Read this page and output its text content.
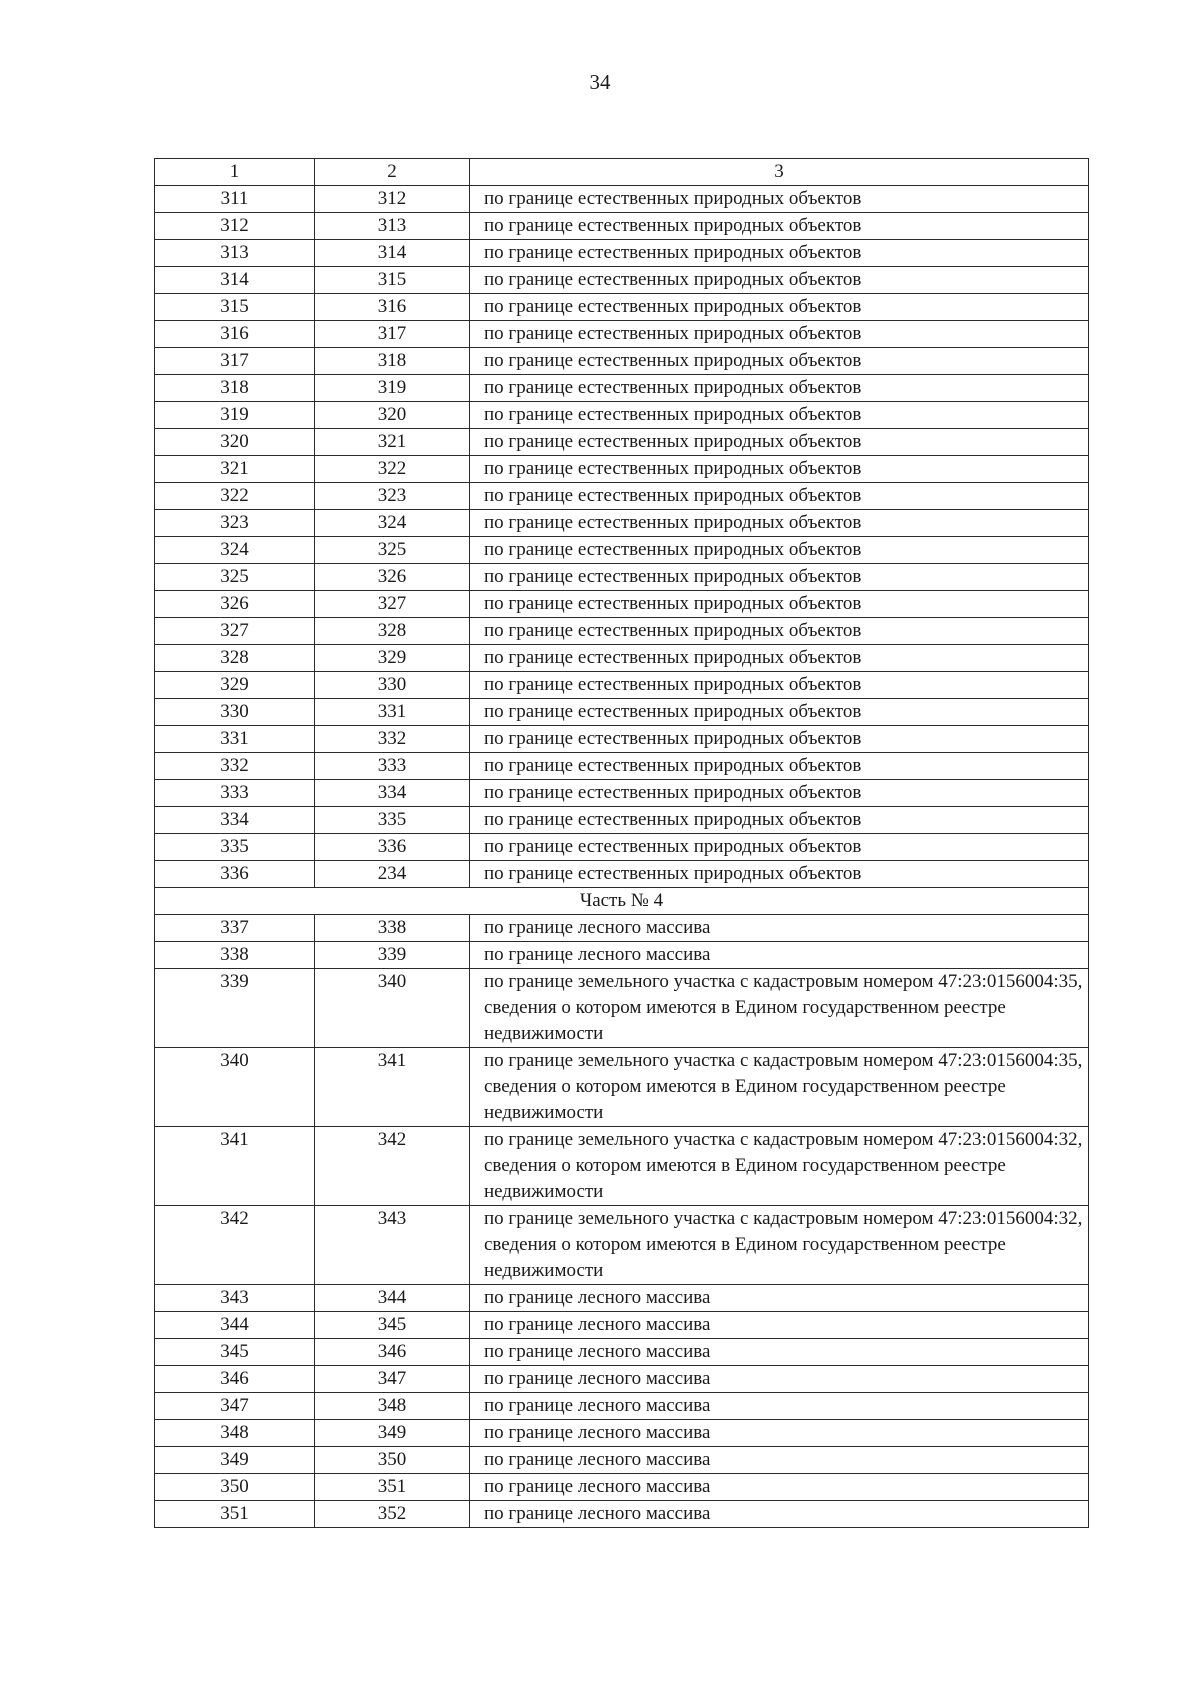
34
1	2	3
311	312	по границе естественных природных объектов
312	313	по границе естественных природных объектов
313	314	по границе естественных природных объектов
314	315	по границе естественных природных объектов
315	316	по границе естественных природных объектов
316	317	по границе естественных природных объектов
317	318	по границе естественных природных объектов
318	319	по границе естественных природных объектов
319	320	по границе естественных природных объектов
320	321	по границе естественных природных объектов
321	322	по границе естественных природных объектов
322	323	по границе естественных природных объектов
323	324	по границе естественных природных объектов
324	325	по границе естественных природных объектов
325	326	по границе естественных природных объектов
326	327	по границе естественных природных объектов
327	328	по границе естественных природных объектов
328	329	по границе естественных природных объектов
329	330	по границе естественных природных объектов
330	331	по границе естественных природных объектов
331	332	по границе естественных природных объектов
332	333	по границе естественных природных объектов
333	334	по границе естественных природных объектов
334	335	по границе естественных природных объектов
335	336	по границе естественных природных объектов
336	234	по границе естественных природных объектов
Часть № 4		
337	338	по границе лесного массива
338	339	по границе лесного массива
339	340	по границе земельного участка с кадастровым номером 47:23:0156004:35, сведения о котором имеются в Едином государственном реестре недвижимости
340	341	по границе земельного участка с кадастровым номером 47:23:0156004:35, сведения о котором имеются в Едином государственном реестре недвижимости
341	342	по границе земельного участка с кадастровым номером 47:23:0156004:32, сведения о котором имеются в Едином государственном реестре недвижимости
342	343	по границе земельного участка с кадастровым номером 47:23:0156004:32, сведения о котором имеются в Едином государственном реестре недвижимости
343	344	по границе лесного массива
344	345	по границе лесного массива
345	346	по границе лесного массива
346	347	по границе лесного массива
347	348	по границе лесного массива
348	349	по границе лесного массива
349	350	по границе лесного массива
350	351	по границе лесного массива
351	352	по границе лесного массива
